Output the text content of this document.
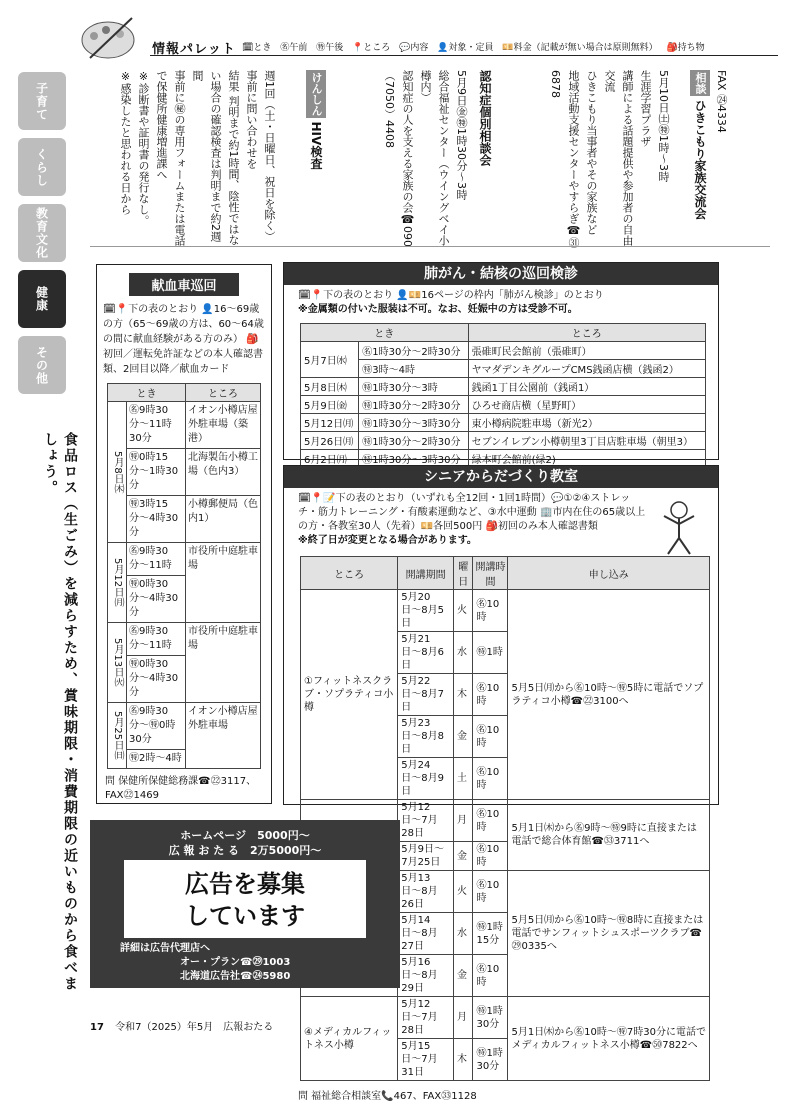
情報パレット 🗓とき ㊔午前 ㊕午後 📍ところ 💬内容 👤対象・定員 💴料金（記載が無い場合は原則無料） 🎒持ち物
子育て
くらし
教育文化
健康
その他
食品ロス（生ごみ）を減らすため、賞味期限・消費期限の近いものから食べましょう。
FAX ㉔4334
相談 ひきこもり家族交流会

5月10日㈯㊕1時〜3時

生涯学習プラザ

講師による話題提供や参加者の自由交流

ひきこもり当事者やその家族など

地域活動支援センターやすらぎ☎㉛6878

認知症個別相談会

5月9日㊎㊕1時30分〜3時

総合福祉センター（ウイングベイ小樽内）

認知症の人を支える家族の会☎090（7050）4408

けんしん HIV検査

週1回（土・日曜日、祝日を除く）

事前に問い合わせを

結果 判明まで約1時間、陰性ではない場合の確認検査は判明まで約2週間

事前に㊙の専用フォームまたは電話で保健所健康増進課へ

※診断書や証明書の発行なし。

※感染したと思われる日から

献血車巡回
🗓📍下の表のとおり 👤16〜69歳の方（65〜69歳の方は、60〜64歳の間に献血経験がある方のみ） 🎒初回／運転免許証などの本人確認書類、2回目以降／献血カード
とき		ところ
5月8日㈭	㊔9時30分〜11時30分	イオン小樽店屋外駐車場（築港）
	㊕0時15分〜1時30分	北海製缶小樽工場（色内3）
	㊕3時15分〜4時30分	小樽郵便局（色内1）
5月12日㈪	㊔9時30分〜11時	市役所中庭駐車場
	㊕0時30分〜4時30分	
5月13日㈫	㊔9時30分〜11時	市役所中庭駐車場
	㊕0時30分〜4時30分	
5月25日㈰	㊔9時30分〜㊕0時30分	イオン小樽店屋外駐車場
	㊕2時〜4時	
問 保健所保健総務課☎㉒3117、FAX㉒1469
肺がん・結核の巡回検診

🗓📍下の表のとおり 👤💴16ページの枠内「肺がん検診」のとおり

※金属類の付いた服装は不可。なお、妊娠中の方は受診不可。

とき		ところ
5月7日㈬	㊔1時30分〜2時30分	張碓町民会館前（張碓町）
	㊕3時〜4時	ヤマダデンキグループCMS銭函店横（銭函2）
5月8日㈭	㊕1時30分〜3時	銭函1丁目公園前（銭函1）
5月9日㈮	㊕1時30分〜2時30分	ひろせ商店横（星野町）
5月12日㈪	㊕1時30分〜3時30分	東小樽病院駐車場（新光2）
5月26日㈪	㊕1時30分〜2時30分	セブンイレブン小樽朝里3丁目店駐車場（朝里3）
6月2日㈪	㊕1時30分〜3時30分	緑本町会館前(緑2)
シニアからだづくり教室

🗓📍📝下の表のとおり（いずれも全12回・1回1時間）💬①②④ストレッチ・筋力トレーニング・有酸素運動など、③水中運動 🏢市内在住の65歳以上の方・各教室30人（先着）💴各回500円 🎒初回のみ本人確認書類

※終了日が変更となる場合があります。

ところ	開講期間	曜日	開講時間	申し込み
①フィットネスクラブ・ソプラティコ小樽	5月20日〜8月5日	火	㊔10時	5月5日㈪から㊔10時〜㊕5時に電話でソプラティコ小樽☎㉒3100へ
	5月21日〜8月6日	水	㊕1時	
	5月22日〜8月7日	木	㊔10時	
	5月23日〜8月8日	金	㊔10時	
	5月24日〜8月9日	土	㊔10時	
	5月12日〜7月28日	月	㊔10時	5月1日㈭から㊔9時〜㊕9時に直接または電話で総合体育館☎㉝3711へ
	5月9日〜7月25日	金	㊔10時	
	5月13日〜8月26日	火	㊔10時	5月5日㈪から㊔10時〜㊕8時に直接または電話でサンフィットシュスポーツクラブ☎㉙0335へ
	5月14日〜8月27日	水	㊕1時15分	
	5月16日〜8月29日	金	㊔10時	
④メディカルフィットネス小樽	5月12日〜7月28日	月	㊕1時30分	5月1日㈭から㊔10時〜㊕7時30分に電話でメディカルフィットネス小樽☎㊿7822へ
	5月15日〜7月31日	木	㊕1時30分	
問 福祉総合相談室📞467、FAX㉝1128

ホームページ　5000円〜

広 報 お た る　2万5000円〜

広告を募集

しています

詳細は広告代理店へ

オー・プラン☎㉙1003

北海道広告社☎㉔5980

17 令和7（2025）年5月　広報おたる
